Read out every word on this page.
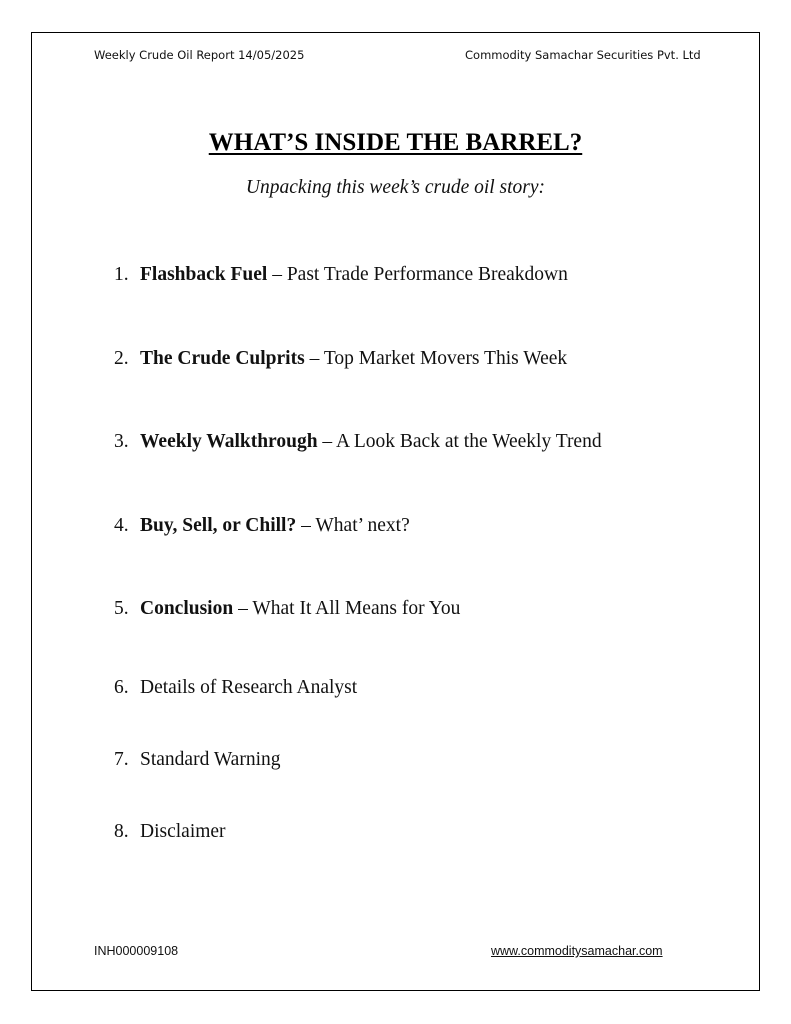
Weekly Crude Oil Report 14/05/2025	Commodity Samachar Securities Pvt. Ltd
WHAT’S INSIDE THE BARREL?
Unpacking this week’s crude oil story:
1. Flashback Fuel – Past Trade Performance Breakdown
2. The Crude Culprits – Top Market Movers This Week
3. Weekly Walkthrough – A Look Back at the Weekly Trend
4. Buy, Sell, or Chill? – What’ next?
5. Conclusion – What It All Means for You
6. Details of Research Analyst
7. Standard Warning
8. Disclaimer
INH000009108	www.commoditysamachar.com
